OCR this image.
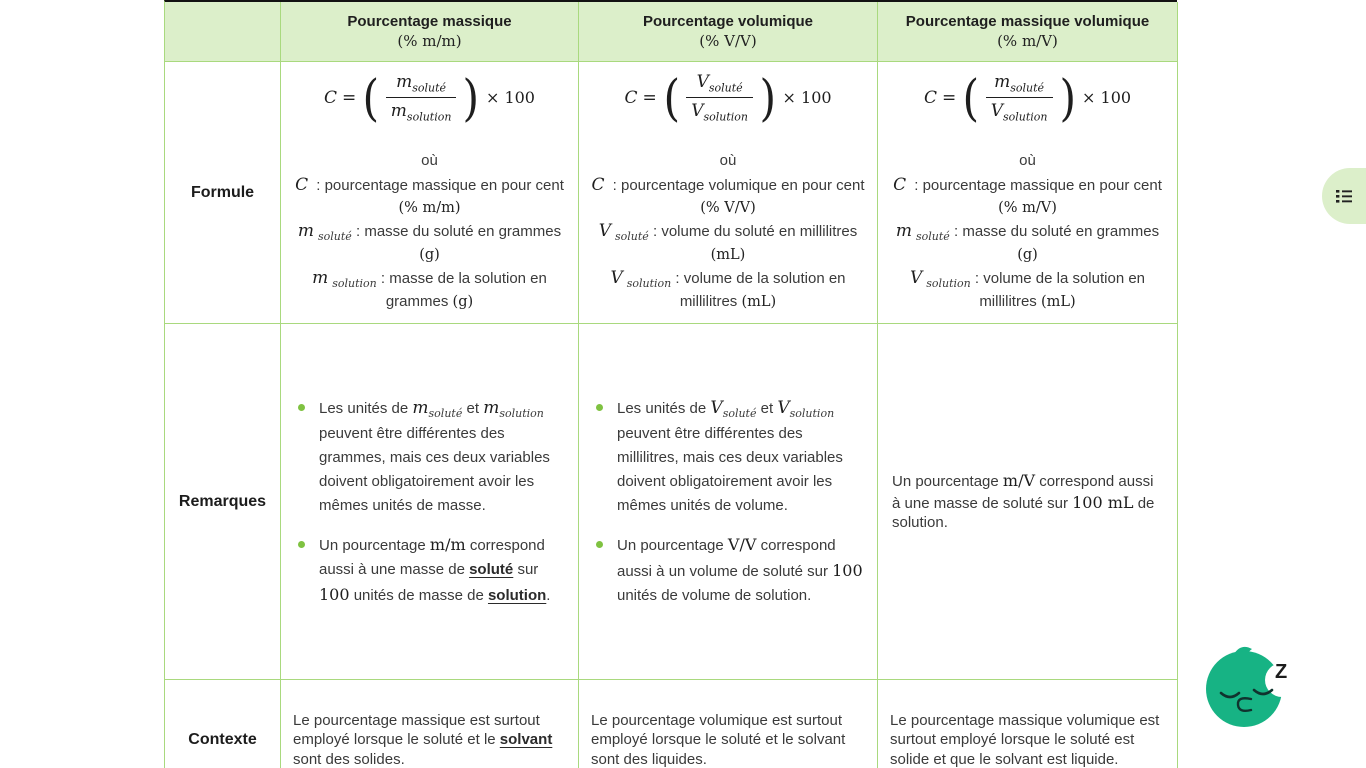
Pourcentage massique
(% m/m)
Pourcentage volumique
(% V/V)
Pourcentage massique volumique
(% m/V)
Formule
C = ( $\frac{m_{soluté}}{m_{solution}}$ ) × 100
où
C : pourcentage massique en pour cent (% m/m)
m $_{soluté}$ : masse du soluté en grammes (g)
m $_{solution}$ : masse de la solution en grammes (g)
C = ( $\frac{V_{soluté}}{V_{solution}}$ ) × 100
où
C : pourcentage volumique en pour cent (% V/V)
V $_{soluté}$ : volume du soluté en millilitres (mL)
V $_{solution}$ : volume de la solution en millilitres (mL)
C = ( $\frac{m_{soluté}}{V_{solution}}$ ) × 100
où
C : pourcentage massique en pour cent (% m/V)
m $_{soluté}$ : masse du soluté en grammes (g)
V $_{solution}$ : volume de la solution en millilitres (mL)
Remarques
Les unités de $m_{soluté}$ et $m_{solution}$ peuvent être différentes des grammes, mais ces deux variables doivent obligatoirement avoir les mêmes unités de masse.
Un pourcentage m/m correspond aussi à une masse de soluté sur 100 unités de masse de solution.
Les unités de $V_{soluté}$ et $V_{solution}$ peuvent être différentes des millilitres, mais ces deux variables doivent obligatoirement avoir les mêmes unités de volume.
Un pourcentage V/V correspond aussi à un volume de soluté sur 100 unités de volume de solution.
Un pourcentage m/V correspond aussi à une masse de soluté sur 100 mL de solution.
Contexte
Le pourcentage massique est surtout employé lorsque le soluté et le solvant sont des solides.
Le pourcentage volumique est surtout employé lorsque le soluté et le solvant sont des liquides.
Le pourcentage massique volumique est surtout employé lorsque le soluté est solide et que le solvant est liquide.
Z
